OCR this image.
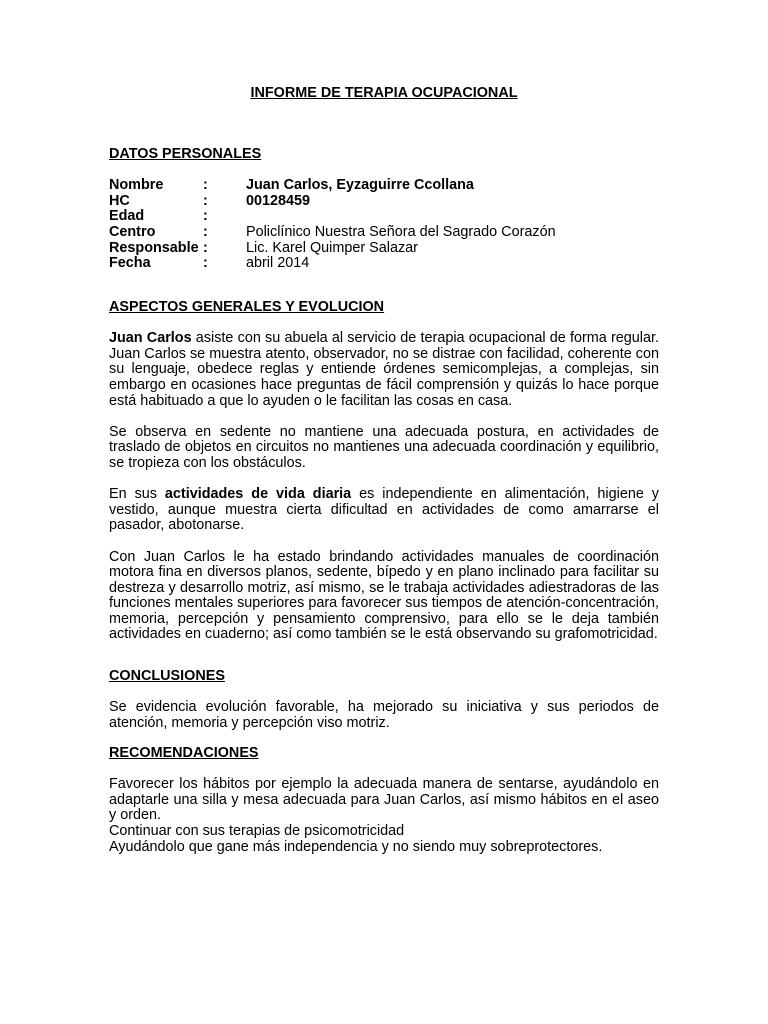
INFORME DE TERAPIA OCUPACIONAL
DATOS PERSONALES
Nombre	:	Juan Carlos, Eyzaguirre Ccollana
HC	:	00128459
Edad	:
Centro	:	Policlínico Nuestra Señora del Sagrado Corazón
Responsable :	Lic. Karel Quimper Salazar
Fecha	:	abril 2014
ASPECTOS GENERALES Y EVOLUCION

Juan Carlos asiste con su abuela al servicio de terapia ocupacional de forma regular. Juan Carlos se muestra atento, observador, no se distrae con facilidad, coherente con su lenguaje, obedece reglas y entiende órdenes semicomplejas, a complejas, sin embargo en ocasiones hace preguntas de fácil comprensión y quizás lo hace porque está habituado a que lo ayuden o le facilitan las cosas en casa.

Se observa en sedente no mantiene una adecuada postura, en actividades de traslado de objetos en circuitos no mantienes una adecuada coordinación y equilibrio, se tropieza con los obstáculos.

En sus actividades de vida diaria es independiente en alimentación, higiene y vestido, aunque muestra cierta dificultad en actividades de como amarrarse el pasador, abotonarse.

Con Juan Carlos le ha estado brindando actividades manuales de coordinación motora fina en diversos planos, sedente, bípedo y en plano inclinado para facilitar su destreza y desarrollo motriz, así mismo, se le trabaja actividades adiestradoras de las funciones mentales superiores para favorecer sus tiempos de atención-concentración, memoria, percepción y pensamiento comprensivo, para ello se le deja también actividades en cuaderno; así como también se le está observando su grafomotricidad.

CONCLUSIONES

Se evidencia evolución favorable, ha mejorado su iniciativa y sus periodos de atención, memoria y percepción viso motriz.

RECOMENDACIONES

Favorecer los hábitos por ejemplo la adecuada manera de sentarse, ayudándolo en adaptarle una silla y mesa adecuada para Juan Carlos, así mismo hábitos en el aseo y orden.

Continuar con sus terapias de psicomotricidad
Ayudándolo que gane más independencia y no siendo muy sobreprotectores.
